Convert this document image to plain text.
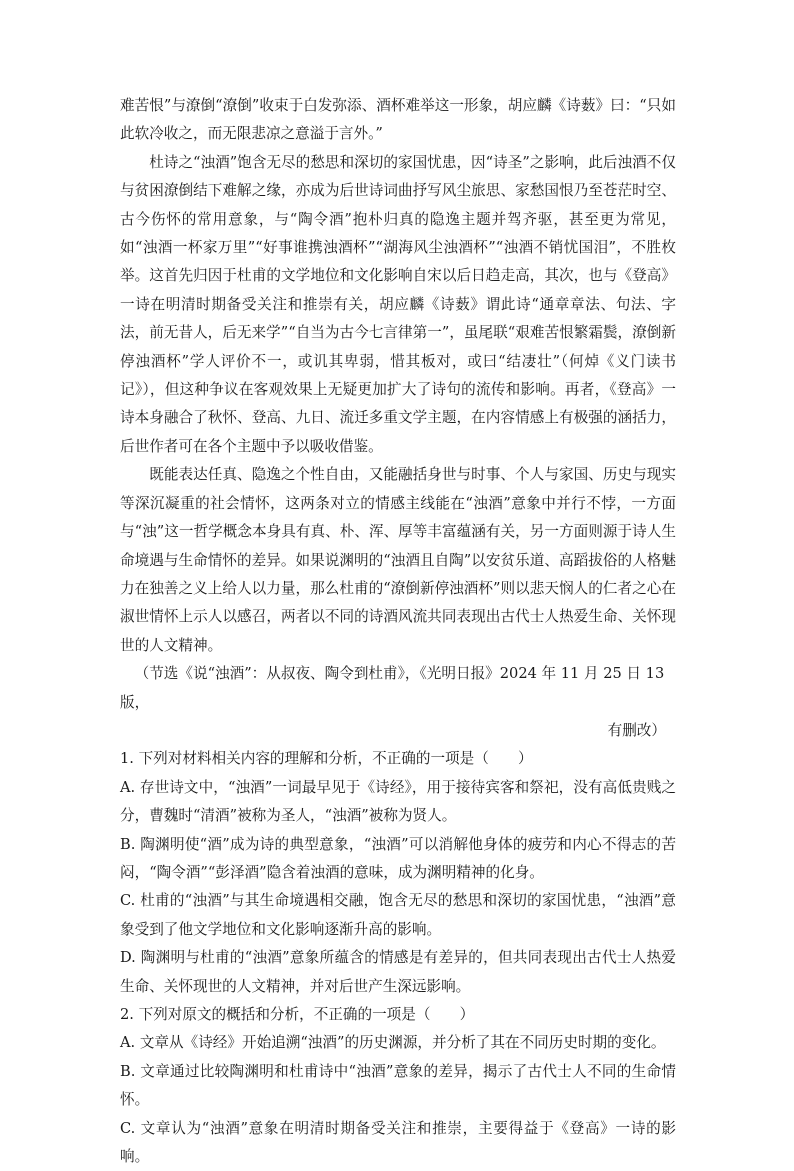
难苦恨”与潦倒“潦倒”收束于白发弥添、酒杯难举这一形象，胡应麟《诗薮》曰：“只如此软冷收之，而无限悲凉之意溢于言外。”

杜诗之“浊酒”饱含无尽的愁思和深切的家国忧患，因“诗圣”之影响，此后浊酒不仅与贫困潦倒结下难解之缘，亦成为后世诗词曲抒写风尘旅思、家愁国恨乃至苍茫时空、古今伤怀的常用意象，与“陶令酒”抱朴归真的隐逸主题并驾齐驱，甚至更为常见，如“浊酒一杯家万里”“好事谁携浊酒杯”“湖海风尘浊酒杯”“浊酒不销忧国泪”，不胜枚举。这首先归因于杜甫的文学地位和文化影响自宋以后日趋走高，其次，也与《登高》一诗在明清时期备受关注和推崇有关，胡应麟《诗薮》谓此诗“通章章法、句法、字法，前无昔人，后无来学”“自当为古今七言律第一”，虽尾联“艰难苦恨繁霜鬓，潦倒新停浊酒杯”学人评价不一，或讥其卑弱，惜其板对，或曰“结凄壮”（何焯《义门读书记》），但这种争议在客观效果上无疑更加扩大了诗句的流传和影响。再者，《登高》一诗本身融合了秋怀、登高、九日、流迁多重文学主题，在内容情感上有极强的涵括力，后世作者可在各个主题中予以吸收借鉴。

既能表达任真、隐逸之个性自由，又能融括身世与时事、个人与家国、历史与现实等深沉凝重的社会情怀，这两条对立的情感主线能在“浊酒”意象中并行不悖，一方面与“浊”这一哲学概念本身具有真、朴、浑、厚等丰富蕴涵有关，另一方面则源于诗人生命境遇与生命情怀的差异。如果说渊明的“浊酒且自陶”以安贫乐道、高蹈拔俗的人格魅力在独善之义上给人以力量，那么杜甫的“潦倒新停浊酒杯”则以悲天悯人的仁者之心在淑世情怀上示人以感召，两者以不同的诗酒风流共同表现出古代士人热爱生命、关怀现世的人文精神。

（节选《说“浊酒”：从叔夜、陶令到杜甫》，《光明日报》2024 年 11 月 25 日 13 版，

有删改）

1. 下列对材料相关内容的理解和分析，不正确的一项是（　　）

A. 存世诗文中，“浊酒”一词最早见于《诗经》，用于接待宾客和祭祀，没有高低贵贱之分，曹魏时“清酒”被称为圣人，“浊酒”被称为贤人。

B. 陶渊明使“酒”成为诗的典型意象，“浊酒”可以消解他身体的疲劳和内心不得志的苦闷，“陶令酒”“彭泽酒”隐含着浊酒的意味，成为渊明精神的化身。

C. 杜甫的“浊酒”与其生命境遇相交融，饱含无尽的愁思和深切的家国忧患，“浊酒”意象受到了他文学地位和文化影响逐渐升高的影响。

D. 陶渊明与杜甫的“浊酒”意象所蕴含的情感是有差异的，但共同表现出古代士人热爱生命、关怀现世的人文精神，并对后世产生深远影响。

2. 下列对原文的概括和分析，不正确的一项是（　　）

A. 文章从《诗经》开始追溯“浊酒”的历史渊源，并分析了其在不同历史时期的变化。

B. 文章通过比较陶渊明和杜甫诗中“浊酒”意象的差异，揭示了古代士人不同的生命情怀。

C. 文章认为“浊酒”意象在明清时期备受关注和推崇，主要得益于《登高》一诗的影响。
